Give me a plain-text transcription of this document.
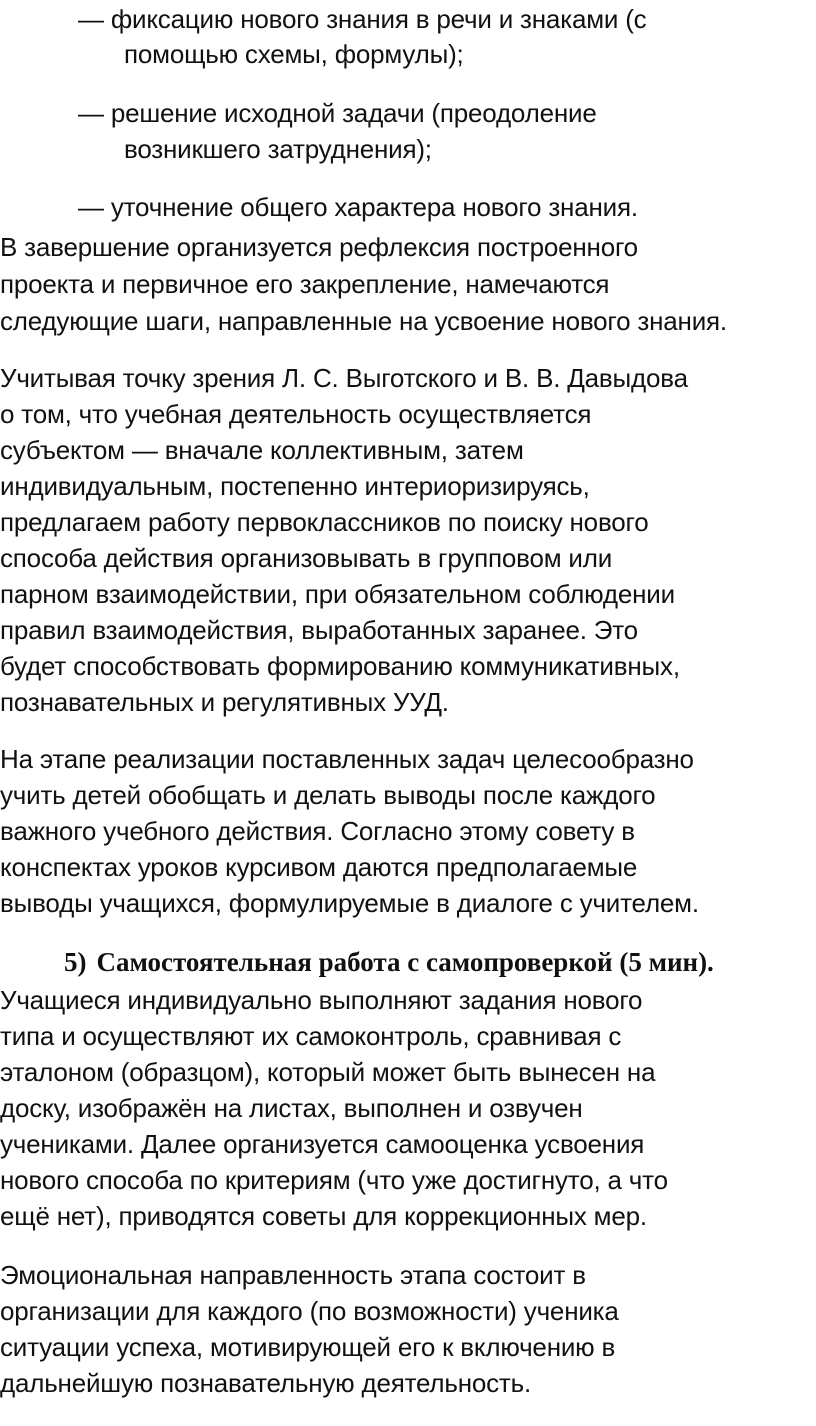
— фиксацию нового знания в речи и знаками (с
помощью схемы, формулы);
— решение исходной задачи (преодоление
возникшего затруднения);
— уточнение общего характера нового знания.
В завершение организуется рефлексия построенного
проекта и первичное его закрепление, намечаются
следующие шаги, направленные на усвоение нового знания.
Учитывая точку зрения Л. С. Выготского и В. В. Давыдова
о том, что учебная деятельность осуществляется
субъектом — вначале коллективным, затем
индивидуальным, постепенно интериоризируясь,
предлагаем работу первоклассников по поиску нового
способа действия организовывать в групповом или
парном взаимодействии, при обязательном соблюдении
правил взаимодействия, выработанных заранее. Это
будет способствовать формированию коммуникативных,
познавательных и регулятивных УУД.
На этапе реализации поставленных задач целесообразно
учить детей обобщать и делать выводы после каждого
важного учебного действия. Согласно этому совету в
конспектах уроков курсивом даются предполагаемые
выводы учащихся, формулируемые в диалоге с учителем.
5) Самостоятельная работа с самопроверкой (5 мин).
Учащиеся индивидуально выполняют задания нового
типа и осуществляют их самоконтроль, сравнивая с
эталоном (образцом), который может быть вынесен на
доску, изображён на листах, выполнен и озвучен
учениками. Далее организуется самооценка усвоения
нового способа по критериям (что уже достигнуто, а что
ещё нет), приводятся советы для коррекционных мер.
Эмоциональная направленность этапа состоит в
организации для каждого (по возможности) ученика
ситуации успеха, мотивирующей его к включению в
дальнейшую познавательную деятельность.
